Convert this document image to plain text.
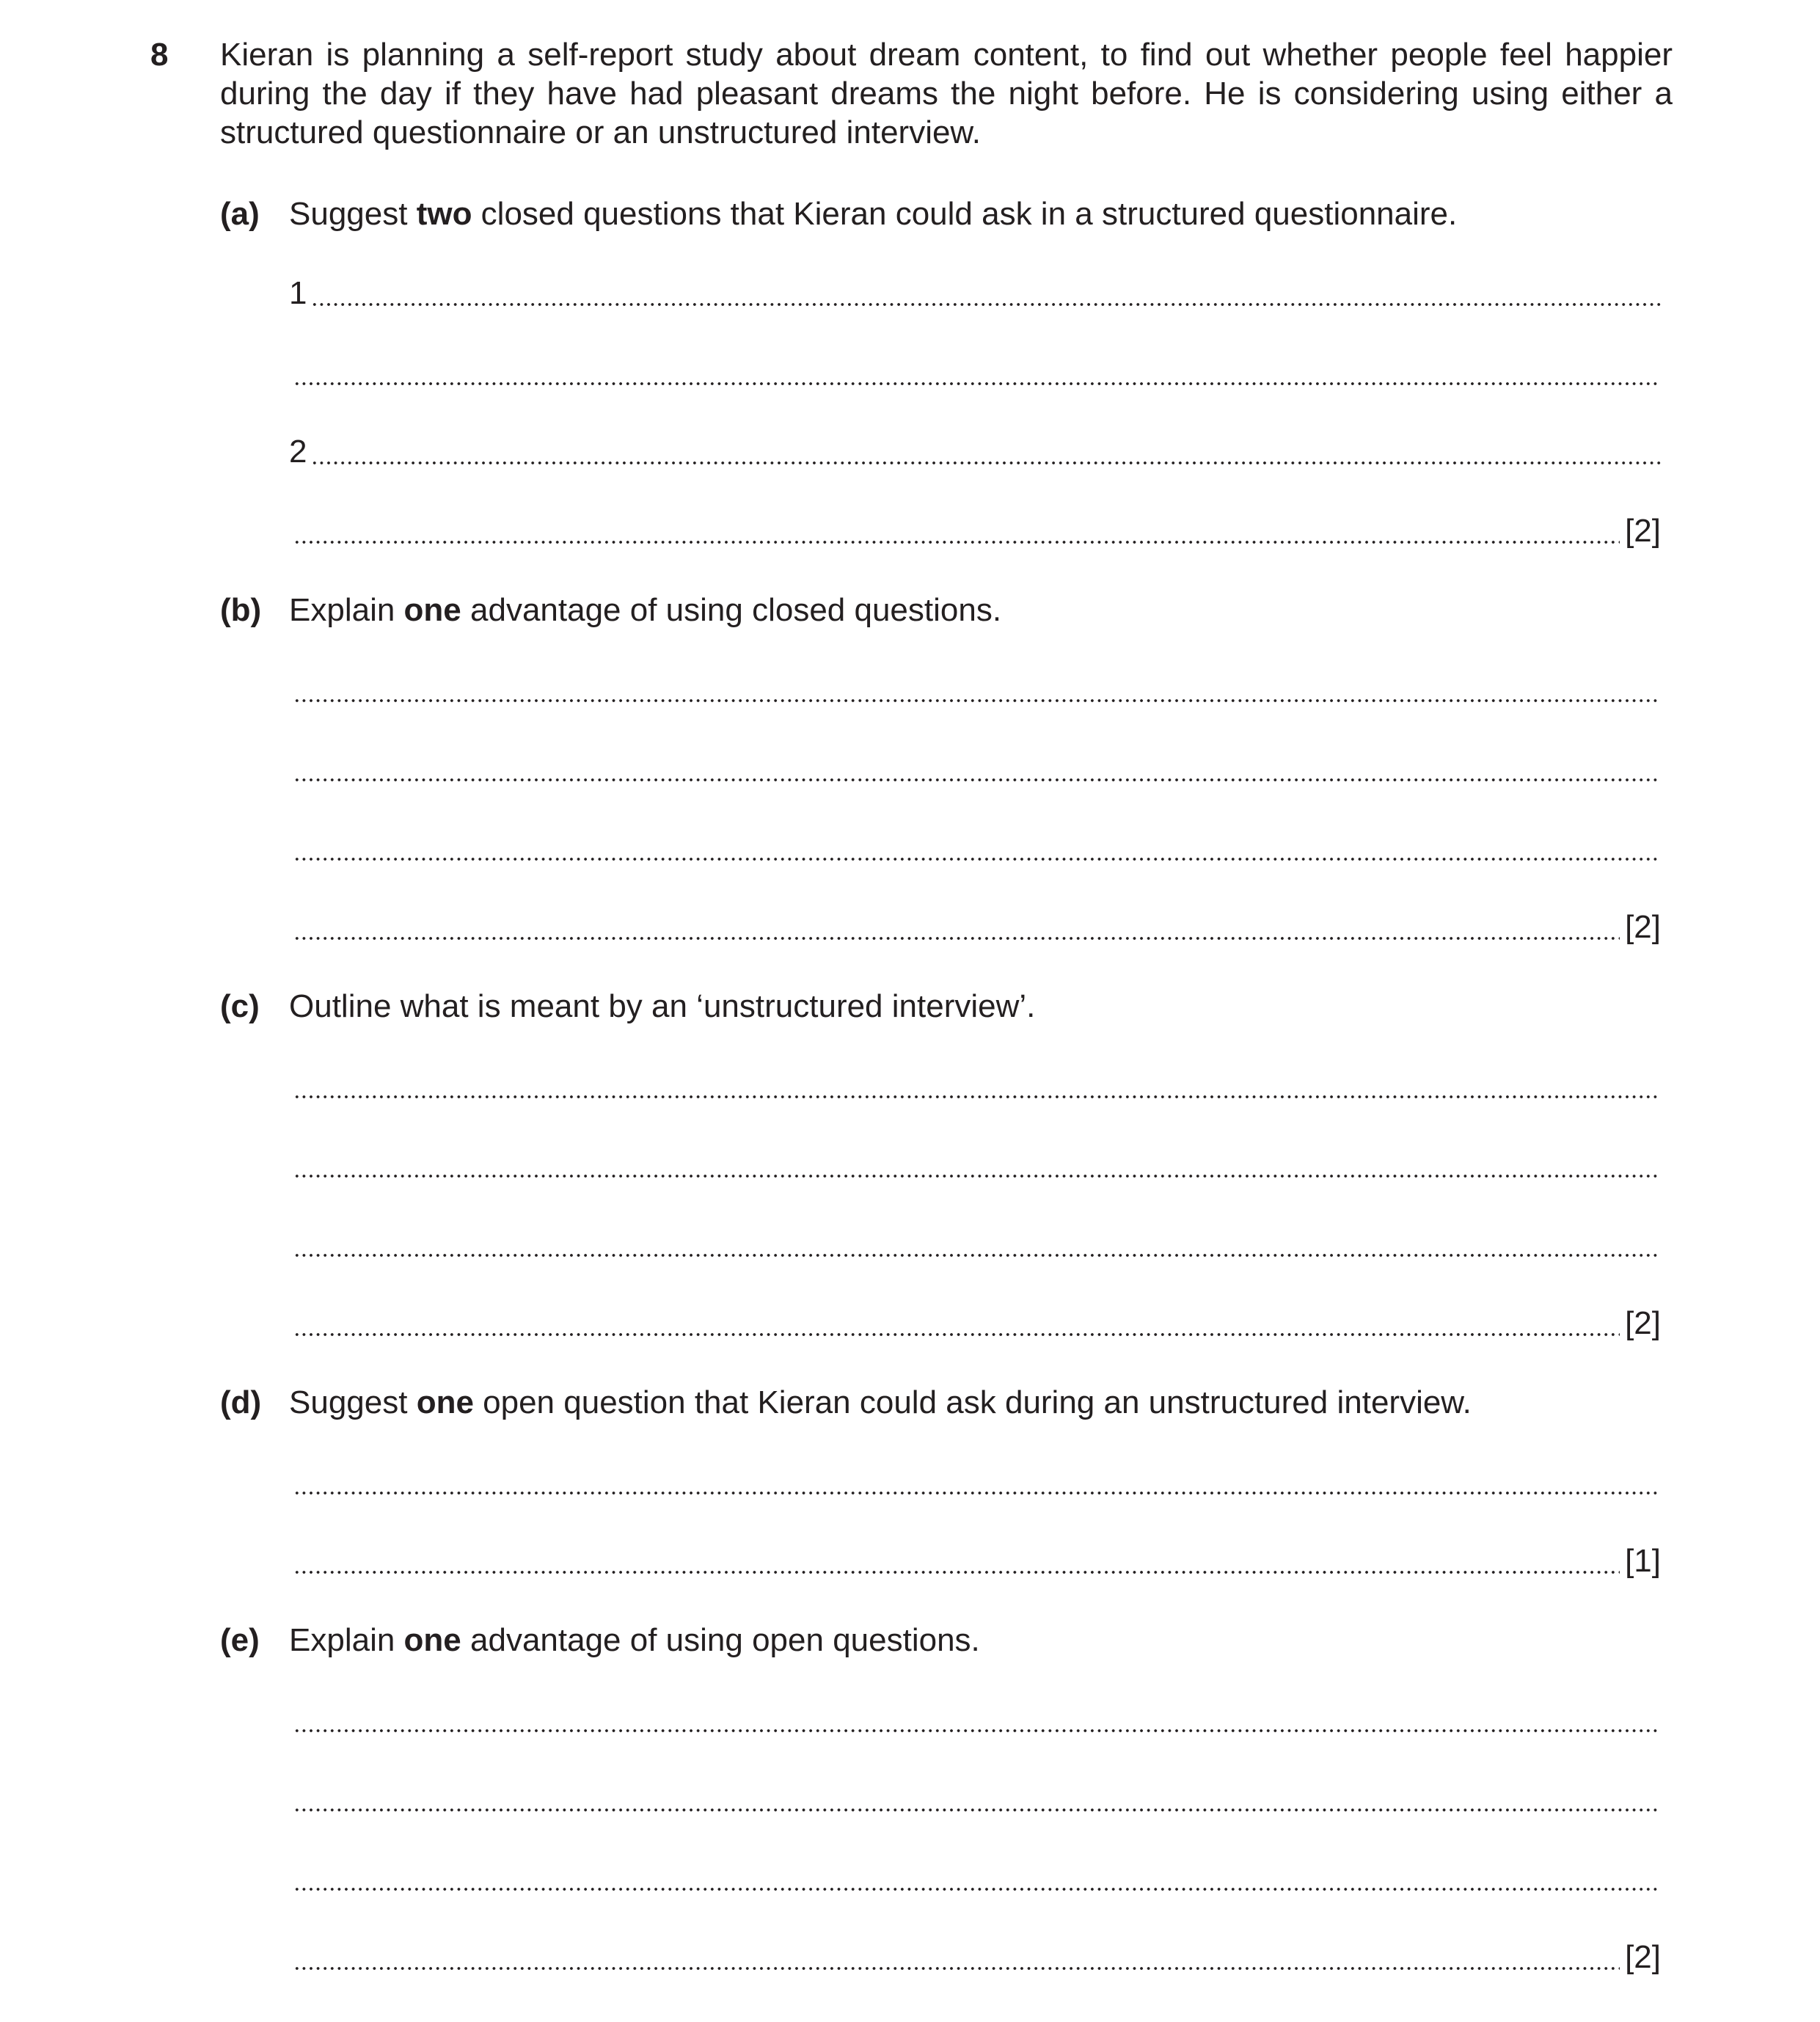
8 Kieran is planning a self-report study about dream content, to find out whether people feel happier
during the day if they have had pleasant dreams the night before. He is considering using either a
structured questionnaire or an unstructured interview.
(a) Suggest two closed questions that Kieran could ask in a structured questionnaire.
1
2
[2]
(b) Explain one advantage of using closed questions.
[2]
(c) Outline what is meant by an ‘unstructured interview’.
[2]
(d) Suggest one open question that Kieran could ask during an unstructured interview.
[1]
(e) Explain one advantage of using open questions.
[2]
